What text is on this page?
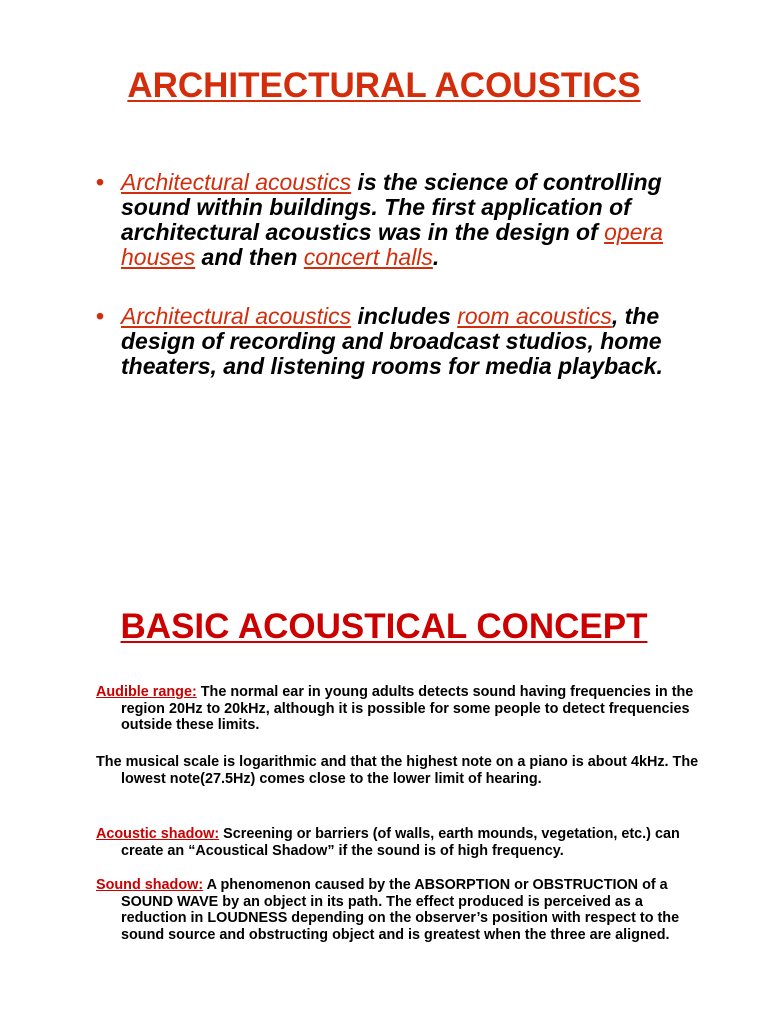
ARCHITECTURAL ACOUSTICS
• Architectural acoustics is the science of controlling sound within buildings. The first application of architectural acoustics was in the design of opera houses and then concert halls.
• Architectural acoustics includes room acoustics, the design of recording and broadcast studios, home theaters, and listening rooms for media playback.
BASIC ACOUSTICAL CONCEPT

Audible range: The normal ear in young adults detects sound having frequencies in the region 20Hz to 20kHz, although it is possible for some people to detect frequencies outside these limits.

The musical scale is logarithmic and that the highest note on a piano is about 4kHz. The lowest note(27.5Hz) comes close to the lower limit of hearing.

Acoustic shadow: Screening or barriers (of walls, earth mounds, vegetation, etc.) can create an “Acoustical Shadow” if the sound is of high frequency.

Sound shadow: A phenomenon caused by the ABSORPTION or OBSTRUCTION of a SOUND WAVE by an object in its path. The effect produced is perceived as a reduction in LOUDNESS depending on the observer’s position with respect to the sound source and obstructing object and is greatest when the three are aligned.
